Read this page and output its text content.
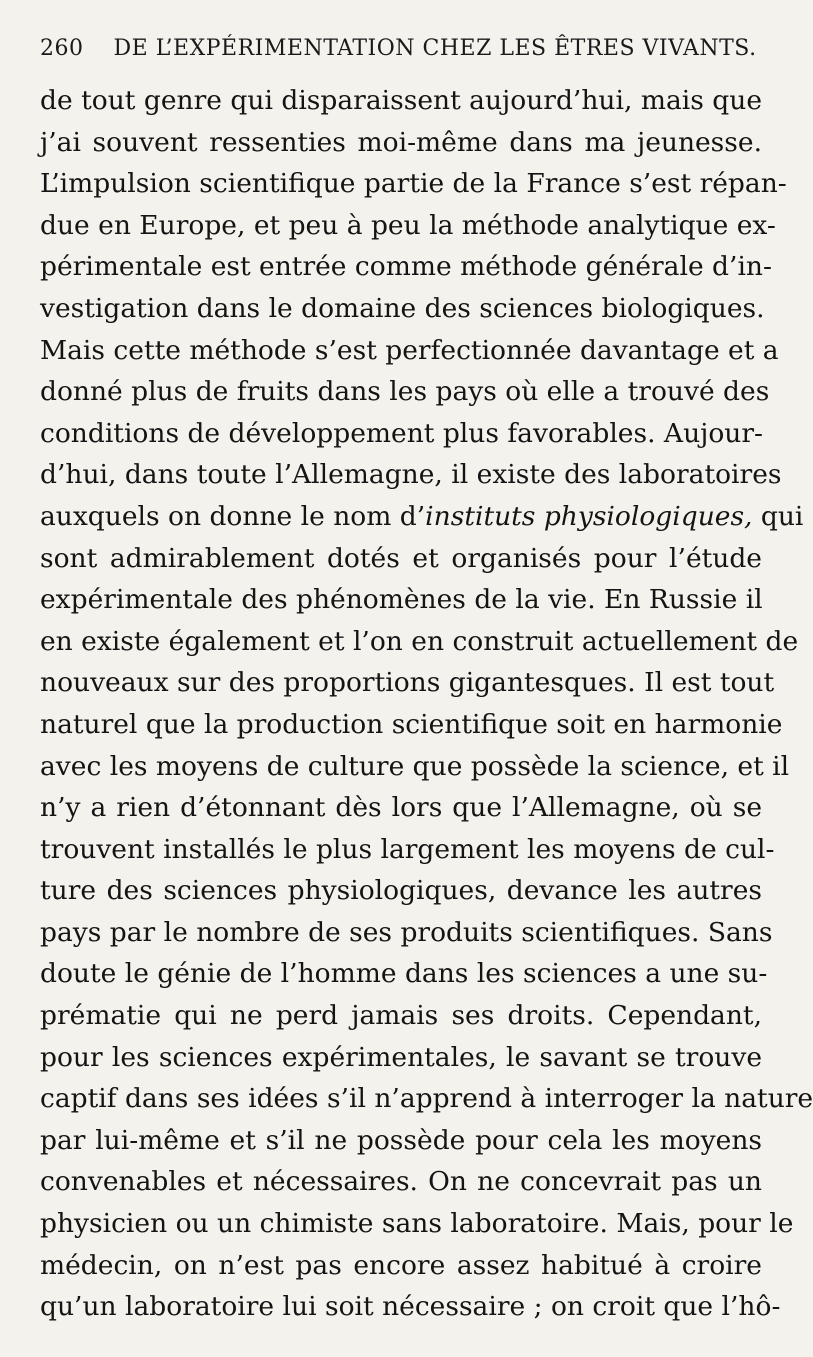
260 DE L’EXPÉRIMENTATION CHEZ LES ÊTRES VIVANTS.
de tout genre qui disparaissent aujourd’hui, mais que
j’ai souvent ressenties moi-même dans ma jeunesse.
L’impulsion scientifique partie de la France s’est répan-
due en Europe, et peu à peu la méthode analytique ex-
périmentale est entrée comme méthode générale d’in-
vestigation dans le domaine des sciences biologiques.
Mais cette méthode s’est perfectionnée davantage et a
donné plus de fruits dans les pays où elle a trouvé des
conditions de développement plus favorables. Aujour-
d’hui, dans toute l’Allemagne, il existe des laboratoires
auxquels on donne le nom d’instituts physiologiques, qui
sont admirablement dotés et organisés pour l’étude
expérimentale des phénomènes de la vie. En Russie il
en existe également et l’on en construit actuellement de
nouveaux sur des proportions gigantesques. Il est tout
naturel que la production scientifique soit en harmonie
avec les moyens de culture que possède la science, et il
n’y a rien d’étonnant dès lors que l’Allemagne, où se
trouvent installés le plus largement les moyens de cul-
ture des sciences physiologiques, devance les autres
pays par le nombre de ses produits scientifiques. Sans
doute le génie de l’homme dans les sciences a une su-
prématie qui ne perd jamais ses droits. Cependant,
pour les sciences expérimentales, le savant se trouve
captif dans ses idées s’il n’apprend à interroger la nature
par lui-même et s’il ne possède pour cela les moyens
convenables et nécessaires. On ne concevrait pas un
physicien ou un chimiste sans laboratoire. Mais, pour le
médecin, on n’est pas encore assez habitué à croire
qu’un laboratoire lui soit nécessaire ; on croit que l’hô-
